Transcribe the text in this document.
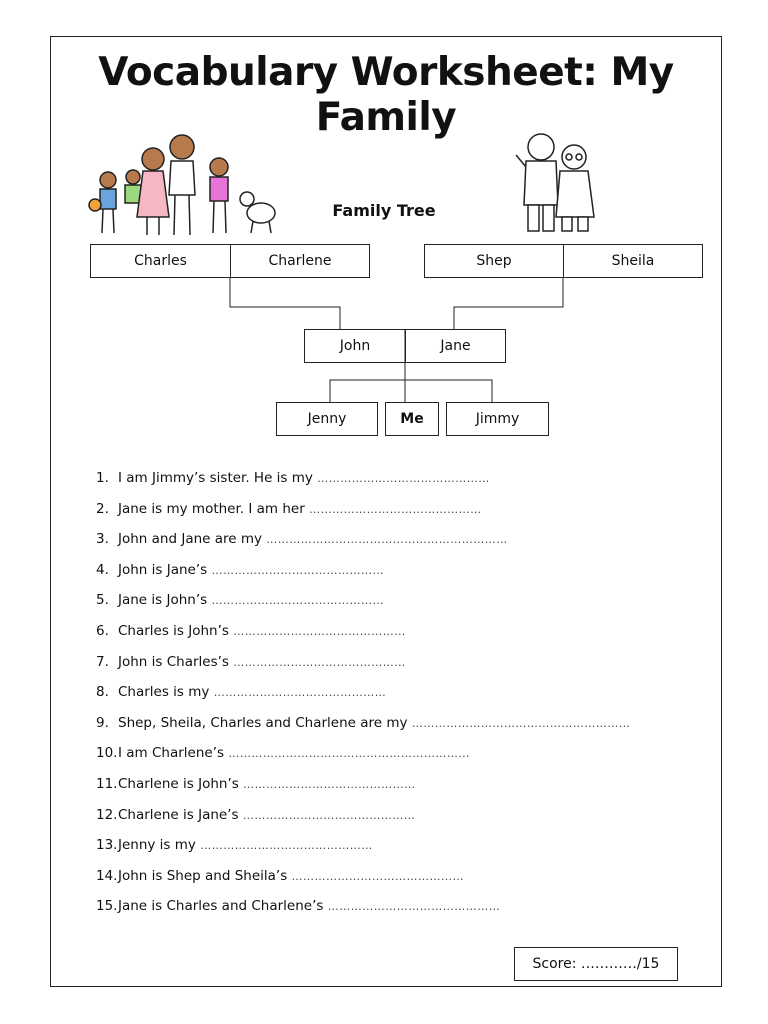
Vocabulary Worksheet: My Family
Family Tree
Charles	Charlene	Shep	Sheila
John	Jane
Jenny	Me	Jimmy
1. I am Jimmy’s sister. He is my ………………………………………
2. Jane is my mother. I am her ………………………………………
3. John and Jane are my ………………………………………………………
4. John is Jane’s ………………………………………
5. Jane is John’s ………………………………………
6. Charles is John’s ………………………………………
7. John is Charles’s ………………………………………
8. Charles is my ………………………………………
9. Shep, Sheila, Charles and Charlene are my …………………………………………………
10.I am Charlene’s ………………………………………………………
11.Charlene is John’s ………………………………………
12.Charlene is Jane’s ………………………………………
13.Jenny is my ………………………………………
14.John is Shep and Sheila’s ………………………………………
15.Jane is Charles and Charlene’s ………………………………………
Score: …………/15
